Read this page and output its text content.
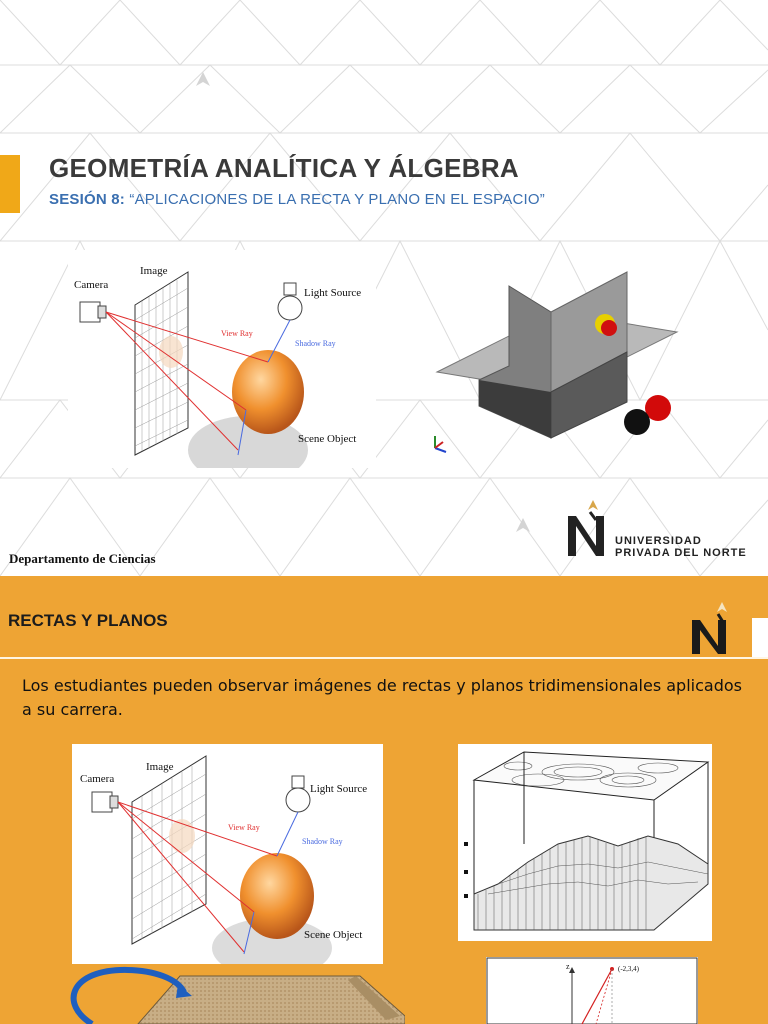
GEOMETRÍA ANALÍTICA Y ÁLGEBRA
SESIÓN 8: “APLICACIONES DE LA RECTA Y PLANO EN EL ESPACIO”
Camera
Image
Light Source
View Ray
Shadow Ray
Scene Object
Departamento de Ciencias
UNIVERSIDAD
PRIVADA DEL NORTE
RECTAS Y PLANOS
Los estudiantes pueden observar imágenes de rectas y planos tridimensionales aplicados a su carrera.
Camera
Image
Light Source
View Ray
Shadow Ray
Scene Object
z	(-2,3,4)
